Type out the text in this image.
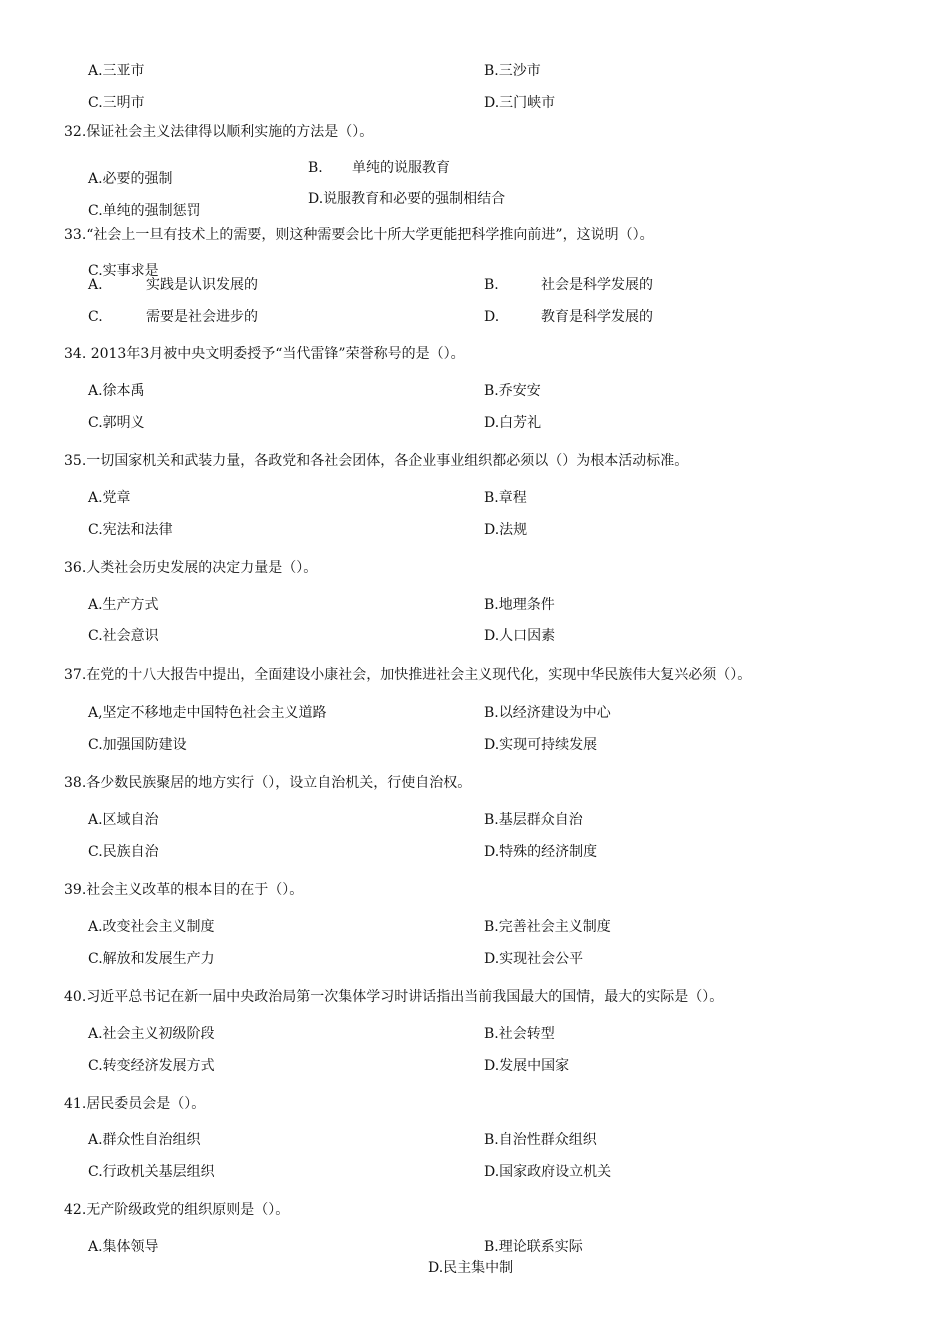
A.三亚市	B.三沙市
C.三明市	D.三门峡市
32.保证社会主义法律得以顺利实施的方法是（）。
B. 单纯的说服教育
A.必要的强制
D.说服教育和必要的强制相结合
C.单纯的强制惩罚
33.“社会上一旦有技术上的需要，则这种需要会比十所大学更能把科学推向前进”，这说明（）。
C.实事求是
A.	实践是认识发展的	B.	社会是科学发展的
C.	需要是社会进步的	D.	教育是科学发展的
34. 2013年3月被中央文明委授予“当代雷锋”荣誉称号的是（）。
A.徐本禹	B.乔安安
C.郭明义	D.白芳礼
35.一切国家机关和武装力量，各政党和各社会团体，各企业事业组织都必须以（）为根本活动标准。
A.党章	B.章程
C.宪法和法律	D.法规
36.人类社会历史发展的决定力量是（）。
A.生产方式	B.地理条件
C.社会意识	D.人口因素
37.在党的十八大报告中提出，全面建设小康社会，加快推进社会主义现代化，实现中华民族伟大复兴必须（）。
A,坚定不移地走中国特色社会主义道路	B.以经济建设为中心
C.加强国防建设	D.实现可持续发展
38.各少数民族聚居的地方实行（），设立自治机关，行使自治权。
A.区域自治	B.基层群众自治
C.民族自治	D.特殊的经济制度
39.社会主义改革的根本目的在于（）。
A.改变社会主义制度	B.完善社会主义制度
C.解放和发展生产力	D.实现社会公平
40.习近平总书记在新一届中央政治局第一次集体学习时讲话指出当前我国最大的国情，最大的实际是（）。
A.社会主义初级阶段	B.社会转型
C.转变经济发展方式	D.发展中国家
41.居民委员会是（）。
A.群众性自治组织	B.自治性群众组织
C.行政机关基层组织	D.国家政府设立机关
42.无产阶级政党的组织原则是（）。
A.集体领导	B.理论联系实际
D.民主集中制
